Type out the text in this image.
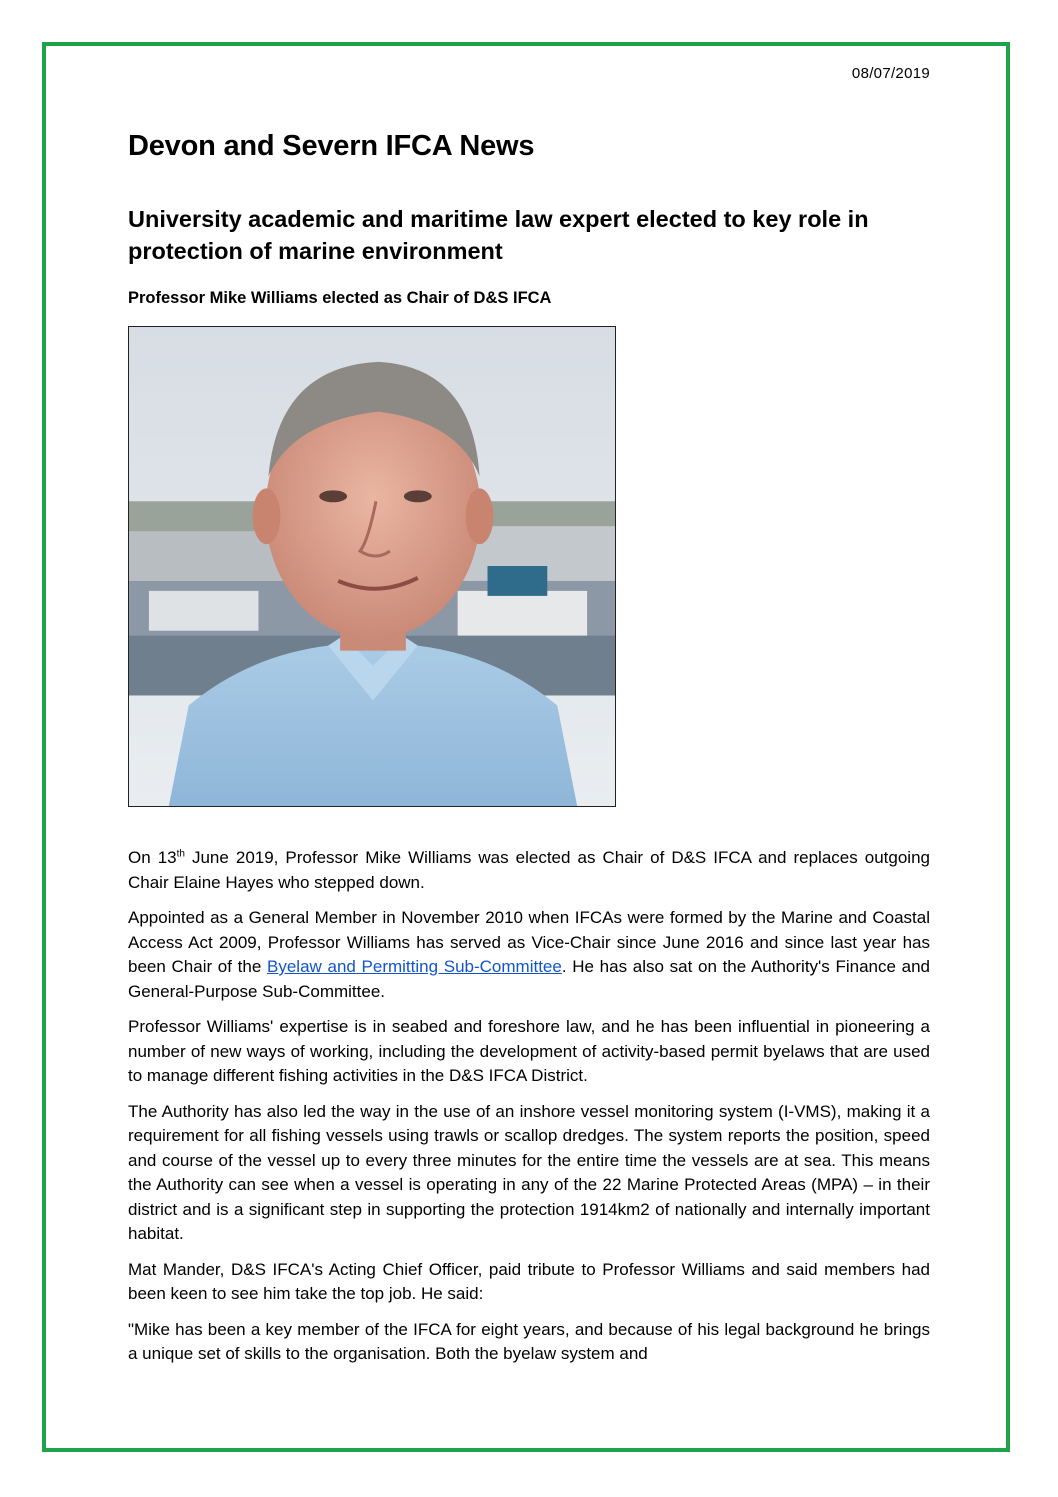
08/07/2019
Devon and Severn IFCA News
University academic and maritime law expert elected to key role in protection of marine environment
Professor Mike Williams elected as Chair of D&S IFCA

On 13th June 2019, Professor Mike Williams was elected as Chair of D&S IFCA and replaces outgoing Chair Elaine Hayes who stepped down.

Appointed as a General Member in November 2010 when IFCAs were formed by the Marine and Coastal Access Act 2009, Professor Williams has served as Vice-Chair since June 2016 and since last year has been Chair of the Byelaw and Permitting Sub-Committee. He has also sat on the Authority's Finance and General-Purpose Sub-Committee.

Professor Williams' expertise is in seabed and foreshore law, and he has been influential in pioneering a number of new ways of working, including the development of activity-based permit byelaws that are used to manage different fishing activities in the D&S IFCA District.

The Authority has also led the way in the use of an inshore vessel monitoring system (I-VMS), making it a requirement for all fishing vessels using trawls or scallop dredges. The system reports the position, speed and course of the vessel up to every three minutes for the entire time the vessels are at sea. This means the Authority can see when a vessel is operating in any of the 22 Marine Protected Areas (MPA) – in their district and is a significant step in supporting the protection 1914km2 of nationally and internally important habitat.

Mat Mander, D&S IFCA's Acting Chief Officer, paid tribute to Professor Williams and said members had been keen to see him take the top job. He said:

"Mike has been a key member of the IFCA for eight years, and because of his legal background he brings a unique set of skills to the organisation. Both the byelaw system and
